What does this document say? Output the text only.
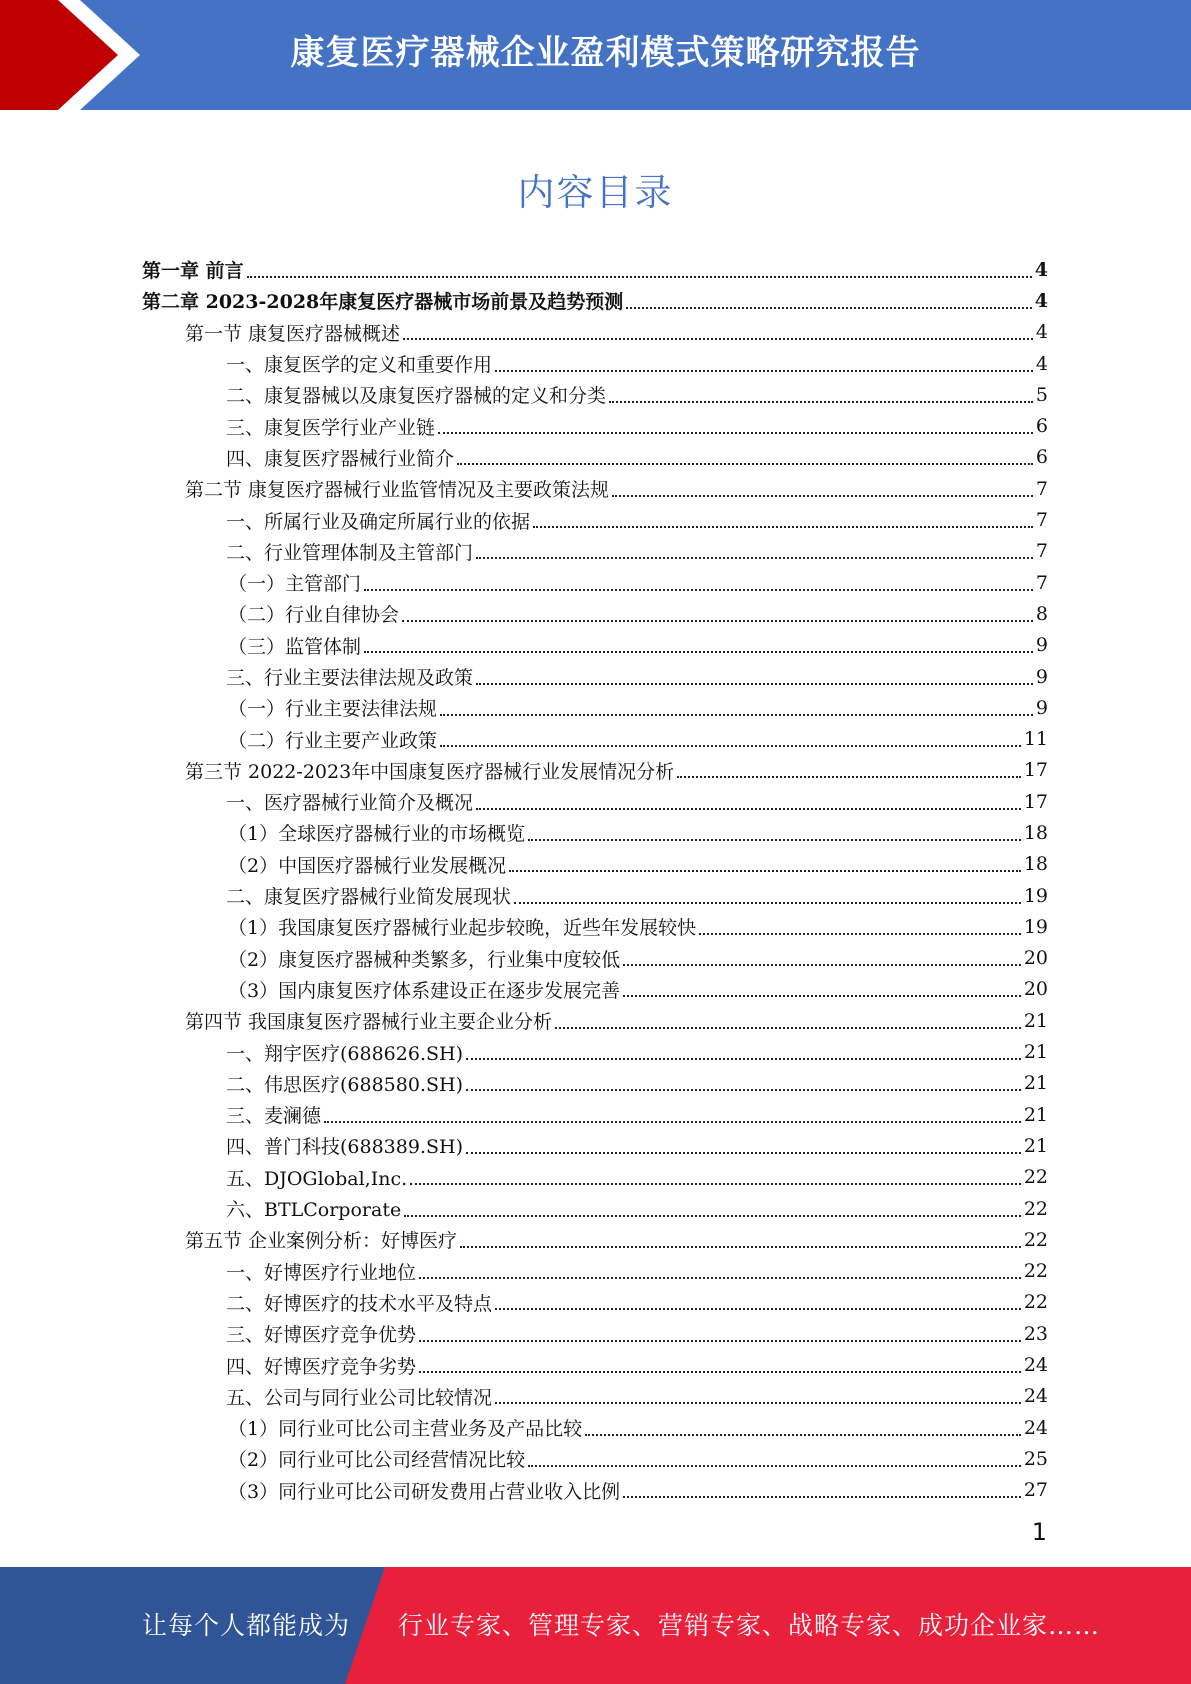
康复医疗器械企业盈利模式策略研究报告
内容目录
第一章 前言	4
第二章 2023-2028年康复医疗器械市场前景及趋势预测	4
第一节 康复医疗器械概述	4
一、康复医学的定义和重要作用	4
二、康复器械以及康复医疗器械的定义和分类	5
三、康复医学行业产业链	6
四、康复医疗器械行业简介	6
第二节 康复医疗器械行业监管情况及主要政策法规	7
一、所属行业及确定所属行业的依据	7
二、行业管理体制及主管部门	7
（一）主管部门	7
（二）行业自律协会	8
（三）监管体制	9
三、行业主要法律法规及政策	9
（一）行业主要法律法规	9
（二）行业主要产业政策	11
第三节 2022-2023年中国康复医疗器械行业发展情况分析	17
一、医疗器械行业简介及概况	17
（1）全球医疗器械行业的市场概览	18
（2）中国医疗器械行业发展概况	18
二、康复医疗器械行业简发展现状	19
（1）我国康复医疗器械行业起步较晚，近些年发展较快	19
（2）康复医疗器械种类繁多，行业集中度较低	20
（3）国内康复医疗体系建设正在逐步发展完善	20
第四节 我国康复医疗器械行业主要企业分析	21
一、翔宇医疗(688626.SH)	21
二、伟思医疗(688580.SH)	21
三、麦澜德	21
四、普门科技(688389.SH)	21
五、DJOGlobal,Inc.	22
六、BTLCorporate	22
第五节 企业案例分析：好博医疗	22
一、好博医疗行业地位	22
二、好博医疗的技术水平及特点	22
三、好博医疗竞争优势	23
四、好博医疗竞争劣势	24
五、公司与同行业公司比较情况	24
（1）同行业可比公司主营业务及产品比较	24
（2）同行业可比公司经营情况比较	25
（3）同行业可比公司研发费用占营业收入比例	27
1
让每个人都能成为 行业专家、管理专家、营销专家、战略专家、成功企业家……
